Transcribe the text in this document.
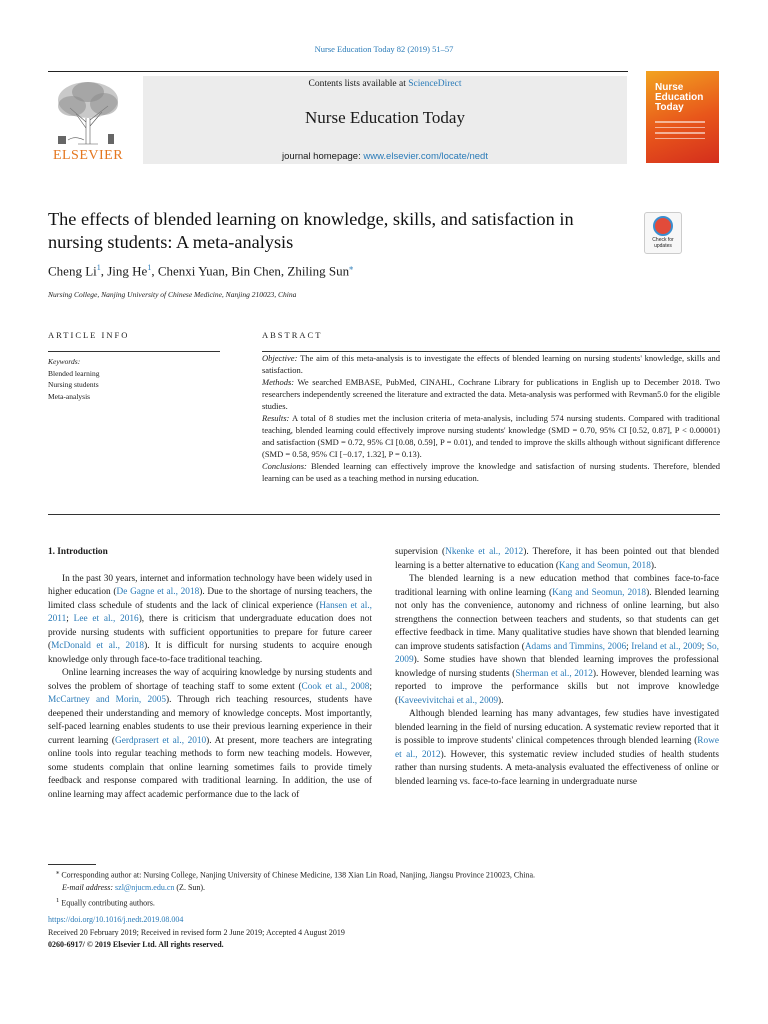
Nurse Education Today 82 (2019) 51–57
ELSEVIER
Contents lists available at ScienceDirect
Nurse Education Today
journal homepage: www.elsevier.com/locate/nedt
Nurse
Education
Today
The effects of blended learning on knowledge, skills, and satisfaction in nursing students: A meta-analysis	Check for updates
Cheng Li$^1$, Jing He$^1$, Chenxi Yuan, Bin Chen, Zhiling Sun⁎
Nursing College, Nanjing University of Chinese Medicine, Nanjing 210023, China
ARTICLE INFO	ABSTRACT
Keywords:
Blended learning
Nursing students
Meta-analysis

Objective: The aim of this meta-analysis is to investigate the effects of blended learning on nursing students' knowledge, skills and satisfaction.

Methods: We searched EMBASE, PubMed, CINAHL, Cochrane Library for publications in English up to December 2018. Two researchers independently screened the literature and extracted the data. Meta-analysis was performed with Revman5.0 for the eligible studies.

Results: A total of 8 studies met the inclusion criteria of meta-analysis, including 574 nursing students. Compared with traditional teaching, blended learning could effectively improve nursing students' knowledge (SMD = 0.70, 95% CI [0.52, 0.87], P < 0.00001) and satisfaction (SMD = 0.72, 95% CI [0.08, 0.59], P = 0.01), and tended to improve the skills although without significant difference (SMD = 0.58, 95% CI [−0.17, 1.32], P = 0.13).

Conclusions: Blended learning can effectively improve the knowledge and satisfaction of nursing students. Therefore, blended learning can be used as a teaching method in nursing education.

1. Introduction

In the past 30 years, internet and information technology have been widely used in higher education (De Gagne et al., 2018). Due to the shortage of nursing teachers, the limited class schedule of students and the lack of clinical experience (Hansen et al., 2011; Lee et al., 2016), there is criticism that undergraduate education does not provide nursing students with sufficient opportunities to prepare for future career (McDonald et al., 2018). It is difficult for nursing students to acquire enough knowledge only through face-to-face traditional teaching.

Online learning increases the way of acquiring knowledge by nursing students and solves the problem of shortage of teaching staff to some extent (Cook et al., 2008; McCartney and Morin, 2005). Through rich teaching resources, students have deepened their understanding and memory of knowledge concepts. Most importantly, self-paced learning enables students to use their previous learning experience in their current learning (Gerdprasert et al., 2010). At present, more teachers are integrating online tools into regular teaching methods to form new teaching models. However, some students complain that online learning sometimes fails to provide timely feedback and response compared with traditional learning. In addition, the use of online learning may affect academic performance due to the lack of

supervision (Nkenke et al., 2012). Therefore, it has been pointed out that blended learning is a better alternative to education (Kang and Seomun, 2018).

The blended learning is a new education method that combines face-to-face traditional learning with online learning (Kang and Seomun, 2018). Blended learning not only has the convenience, autonomy and richness of online learning, but also strengthens the connection between teachers and students, so that students can get effective feedback in time. Many qualitative studies have shown that blended learning can improve students satisfaction (Adams and Timmins, 2006; Ireland et al., 2009; So, 2009). Some studies have shown that blended learning improves the professional knowledge of nursing students (Sherman et al., 2012). However, blended learning was reported to improve the performance skills but not improve knowledge (Kaveevivitchai et al., 2009).

Although blended learning has many advantages, few studies have investigated blended learning in the field of nursing education. A systematic review reported that it is possible to improve students' clinical competences through blended learning (Rowe et al., 2012). However, this systematic review included studies of health students rather than nursing students. A meta-analysis evaluated the effectiveness of online or blended learning vs. face-to-face learning in undergraduate nurse

⁎ Corresponding author at: Nursing College, Nanjing University of Chinese Medicine, 138 Xian Lin Road, Nanjing, Jiangsu Province 210023, China.
E-mail address: szl@njucm.edu.cn (Z. Sun).
$^1$ Equally contributing authors.
https://doi.org/10.1016/j.nedt.2019.08.004
Received 20 February 2019; Received in revised form 2 June 2019; Accepted 4 August 2019
0260-6917/ © 2019 Elsevier Ltd. All rights reserved.
